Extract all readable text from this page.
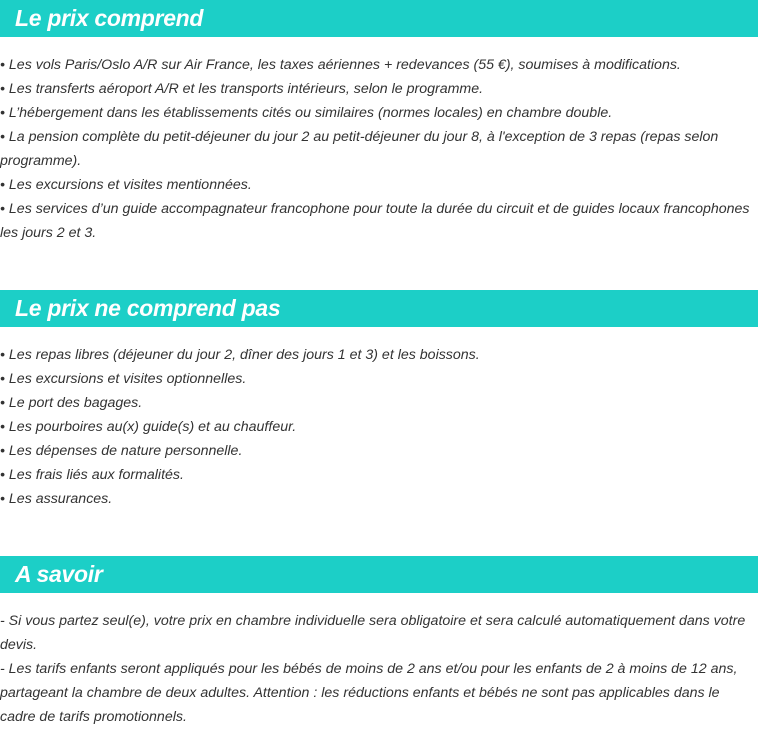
Le prix comprend
• Les vols Paris/Oslo A/R sur Air France, les taxes aériennes + redevances (55 €), soumises à modifications.
• Les transferts aéroport A/R et les transports intérieurs, selon le programme.
• L’hébergement dans les établissements cités ou similaires (normes locales) en chambre double.
• La pension complète du petit-déjeuner du jour 2 au petit-déjeuner du jour 8, à l'exception de 3 repas (repas selon programme).
• Les excursions et visites mentionnées.
• Les services d’un guide accompagnateur francophone pour toute la durée du circuit et de guides locaux francophones les jours 2 et 3.
Le prix ne comprend pas
• Les repas libres (déjeuner du jour 2, dîner des jours 1 et 3) et les boissons.
• Les excursions et visites optionnelles.
• Le port des bagages.
• Les pourboires au(x) guide(s) et au chauffeur.
• Les dépenses de nature personnelle.
• Les frais liés aux formalités.
• Les assurances.
A savoir
- Si vous partez seul(e), votre prix en chambre individuelle sera obligatoire et sera calculé automatiquement dans votre devis.
- Les tarifs enfants seront appliqués pour les bébés de moins de 2 ans et/ou pour les enfants de 2 à moins de 12 ans, partageant la chambre de deux adultes. Attention : les réductions enfants et bébés ne sont pas applicables dans le cadre de tarifs promotionnels.
